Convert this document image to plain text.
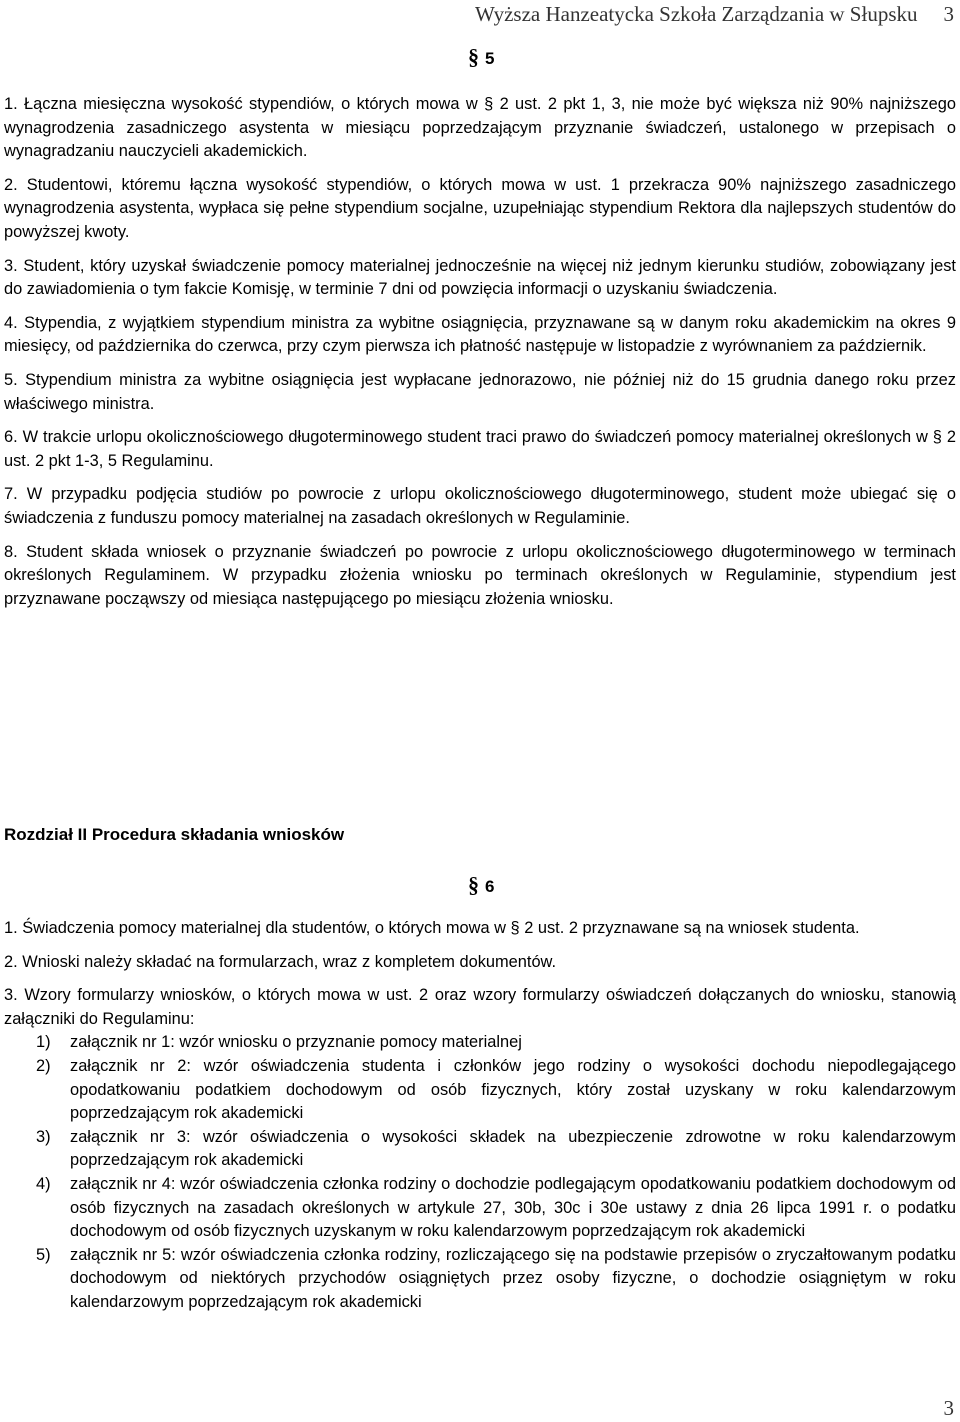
Wyższa Hanzeatycka Szkoła Zarządzania w Słupsku 3
§ 5

1. Łączna miesięczna wysokość stypendiów, o których mowa w § 2 ust. 2 pkt 1, 3, nie może być większa niż 90% najniższego wynagrodzenia zasadniczego asystenta w miesiącu poprzedzającym przyznanie świadczeń, ustalonego w przepisach o wynagradzaniu nauczycieli akademickich.

2. Studentowi, któremu łączna wysokość stypendiów, o których mowa w ust. 1 przekracza 90% najniższego zasadniczego wynagrodzenia asystenta, wypłaca się pełne stypendium socjalne, uzupełniając stypendium Rektora dla najlepszych studentów do powyższej kwoty.

3. Student, który uzyskał świadczenie pomocy materialnej jednocześnie na więcej niż jednym kierunku studiów, zobowiązany jest do zawiadomienia o tym fakcie Komisję, w terminie 7 dni od powzięcia informacji o uzyskaniu świadczenia.

4. Stypendia, z wyjątkiem stypendium ministra za wybitne osiągnięcia, przyznawane są w danym roku akademickim na okres 9 miesięcy, od października do czerwca, przy czym pierwsza ich płatność następuje w listopadzie z wyrównaniem za październik.

5. Stypendium ministra za wybitne osiągnięcia jest wypłacane jednorazowo, nie później niż do 15 grudnia danego roku przez właściwego ministra.

6. W trakcie urlopu okolicznościowego długoterminowego student traci prawo do świadczeń pomocy materialnej określonych w § 2 ust. 2 pkt 1-3, 5 Regulaminu.

7. W przypadku podjęcia studiów po powrocie z urlopu okolicznościowego długoterminowego, student może ubiegać się o świadczenia z funduszu pomocy materialnej na zasadach określonych w Regulaminie.

8. Student składa wniosek o przyznanie świadczeń po powrocie z urlopu okolicznościowego długoterminowego w terminach określonych Regulaminem. W przypadku złożenia wniosku po terminach określonych w Regulaminie, stypendium jest przyznawane począwszy od miesiąca następującego po miesiącu złożenia wniosku.

Rozdział II Procedura składania wniosków
§ 6

1. Świadczenia pomocy materialnej dla studentów, o których mowa w § 2 ust. 2 przyznawane są na wniosek studenta.

2. Wnioski należy składać na formularzach, wraz z kompletem dokumentów.

3. Wzory formularzy wniosków, o których mowa w ust. 2 oraz wzory formularzy oświadczeń dołączanych do wniosku, stanowią załączniki do Regulaminu:

1) załącznik nr 1: wzór wniosku o przyznanie pomocy materialnej
2) załącznik nr 2: wzór oświadczenia studenta i członków jego rodziny o wysokości dochodu niepodlegającego opodatkowaniu podatkiem dochodowym od osób fizycznych, który został uzyskany w roku kalendarzowym poprzedzającym rok akademicki
3) załącznik nr 3: wzór oświadczenia o wysokości składek na ubezpieczenie zdrowotne w roku kalendarzowym poprzedzającym rok akademicki
4) załącznik nr 4: wzór oświadczenia członka rodziny o dochodzie podlegającym opodatkowaniu podatkiem dochodowym od osób fizycznych na zasadach określonych w artykule 27, 30b, 30c i 30e ustawy z dnia 26 lipca 1991 r. o podatku dochodowym od osób fizycznych uzyskanym w roku kalendarzowym poprzedzającym rok akademicki
5) załącznik nr 5: wzór oświadczenia członka rodziny, rozliczającego się na podstawie przepisów o zryczałtowanym podatku dochodowym od niektórych przychodów osiągniętych przez osoby fizyczne, o dochodzie osiągniętym w roku kalendarzowym poprzedzającym rok akademicki
3
